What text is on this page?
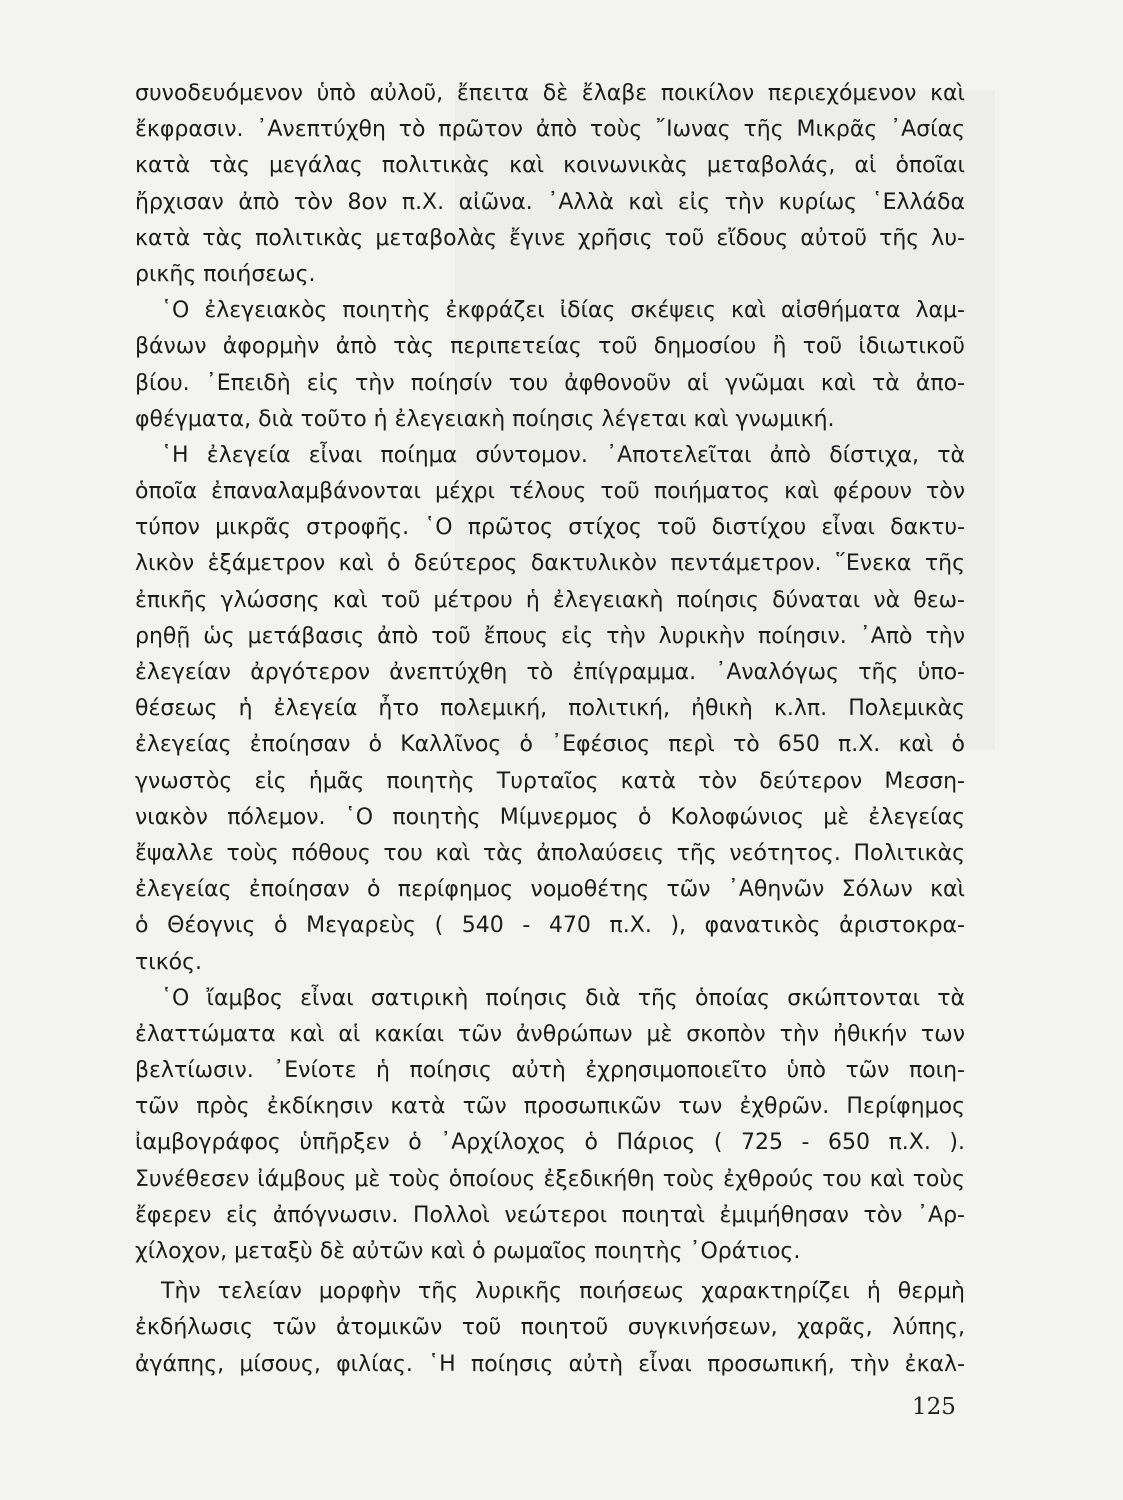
συνοδευόμενον ὑπὸ αὐλοῦ, ἔπειτα δὲ ἔλαβε ποικίλον περιεχόμενον καὶ
ἔκφρασιν. ᾿Ανεπτύχθη τὸ πρῶτον ἀπὸ τοὺς ῎Ιωνας τῆς Μικρᾶς ᾿Ασίας
κατὰ τὰς μεγάλας πολιτικὰς καὶ κοινωνικὰς μεταβολάς, αἱ ὁποῖαι
ἤρχισαν ἀπὸ τὸν 8ον π.Χ. αἰῶνα. ᾿Αλλὰ καὶ εἰς τὴν κυρίως ῾Ελλάδα
κατὰ τὰς πολιτικὰς μεταβολὰς ἔγινε χρῆσις τοῦ εἴδους αὐτοῦ τῆς λυ-
ρικῆς ποιήσεως.
῾Ο ἐλεγειακὸς ποιητὴς ἐκφράζει ἰδίας σκέψεις καὶ αἰσθήματα λαμ-
βάνων ἀφορμὴν ἀπὸ τὰς περιπετείας τοῦ δημοσίου ἢ τοῦ ἰδιωτικοῦ
βίου. ᾿Επειδὴ εἰς τὴν ποίησίν του ἀφθονοῦν αἱ γνῶμαι καὶ τὰ ἀπο-
φθέγματα, διὰ τοῦτο ἡ ἐλεγειακὴ ποίησις λέγεται καὶ γνωμική.
῾Η ἐλεγεία εἶναι ποίημα σύντομον. ᾿Αποτελεῖται ἀπὸ δίστιχα, τὰ
ὁποῖα ἐπαναλαμβάνονται μέχρι τέλους τοῦ ποιήματος καὶ φέρουν τὸν
τύπον μικρᾶς στροφῆς. ῾Ο πρῶτος στίχος τοῦ διστίχου εἶναι δακτυ-
λικὸν ἑξάμετρον καὶ ὁ δεύτερος δακτυλικὸν πεντάμετρον. ῞Ενεκα τῆς
ἐπικῆς γλώσσης καὶ τοῦ μέτρου ἡ ἐλεγειακὴ ποίησις δύναται νὰ θεω-
ρηθῇ ὡς μετάβασις ἀπὸ τοῦ ἔπους εἰς τὴν λυρικὴν ποίησιν. ᾿Απὸ τὴν
ἐλεγείαν ἀργότερον ἀνεπτύχθη τὸ ἐπίγραμμα. ᾿Αναλόγως τῆς ὑπο-
θέσεως ἡ ἐλεγεία ἦτο πολεμική, πολιτική, ἠθικὴ κ.λπ. Πολεμικὰς
ἐλεγείας ἐποίησαν ὁ Καλλῖνος ὁ ᾿Εφέσιος περὶ τὸ 650 π.Χ. καὶ ὁ
γνωστὸς εἰς ἡμᾶς ποιητὴς Τυρταῖος κατὰ τὸν δεύτερον Μεσση-
νιακὸν πόλεμον. ῾Ο ποιητὴς Μίμνερμος ὁ Κολοφώνιος μὲ ἐλεγείας
ἔψαλλε τοὺς πόθους του καὶ τὰς ἀπολαύσεις τῆς νεότητος. Πολιτικὰς
ἐλεγείας ἐποίησαν ὁ περίφημος νομοθέτης τῶν ᾿Αθηνῶν Σόλων καὶ
ὁ Θέογνις ὁ Μεγαρεὺς ( 540 - 470 π.Χ. ), φανατικὸς ἀριστοκρα-
τικός.
῾Ο ἴαμβος εἶναι σατιρικὴ ποίησις διὰ τῆς ὁποίας σκώπτονται τὰ
ἐλαττώματα καὶ αἱ κακίαι τῶν ἀνθρώπων μὲ σκοπὸν τὴν ἠθικήν των
βελτίωσιν. ᾿Ενίοτε ἡ ποίησις αὐτὴ ἐχρησιμοποιεῖτο ὑπὸ τῶν ποιη-
τῶν πρὸς ἐκδίκησιν κατὰ τῶν προσωπικῶν των ἐχθρῶν. Περίφημος
ἰαμβογράφος ὑπῆρξεν ὁ ᾿Αρχίλοχος ὁ Πάριος ( 725 - 650 π.Χ. ).
Συνέθεσεν ἰάμβους μὲ τοὺς ὁποίους ἐξεδικήθη τοὺς ἐχθρούς του καὶ τοὺς
ἔφερεν εἰς ἀπόγνωσιν. Πολλοὶ νεώτεροι ποιηταὶ ἐμιμήθησαν τὸν ᾿Αρ-
χίλοχον, μεταξὺ δὲ αὐτῶν καὶ ὁ ρωμαῖος ποιητὴς ᾿Οράτιος.
Τὴν τελείαν μορφὴν τῆς λυρικῆς ποιήσεως χαρακτηρίζει ἡ θερμὴ
ἐκδήλωσις τῶν ἀτομικῶν τοῦ ποιητοῦ συγκινήσεων, χαρᾶς, λύπης,
ἀγάπης, μίσους, φιλίας. ῾Η ποίησις αὐτὴ εἶναι προσωπική, τὴν ἐκαλ-
125
